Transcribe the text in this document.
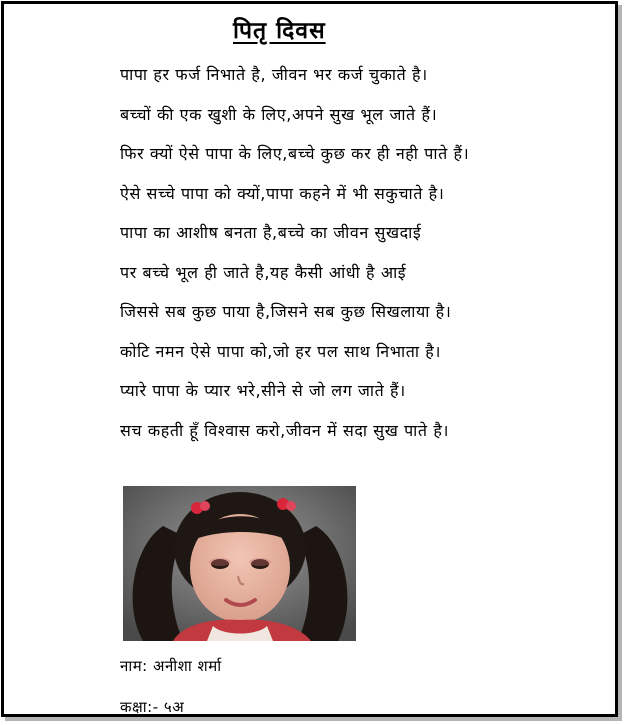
पितृ दिवस
पापा हर फर्ज निभाते है, जीवन भर कर्ज चुकाते है।
बच्चों की एक खुशी के लिए,अपने सुख भूल जाते हैं।
फिर क्यों ऐसे पापा के लिए,बच्चे कुछ कर ही नही पाते हैं।
ऐसे सच्चे पापा को क्यों,पापा कहने में भी सकुचाते है।
पापा का आशीष बनता है,बच्चे का जीवन सुखदाई
पर बच्चे भूल ही जाते है,यह कैसी आंधी है आई
जिससे सब कुछ पाया है,जिसने सब कुछ सिखलाया है।
कोटि नमन ऐसे पापा को,जो हर पल साथ निभाता है।
प्यारे पापा के प्यार भरे,सीने से जो लग जाते हैं।
सच कहती हूँ विश्वास करो,जीवन में सदा सुख पाते है।
नाम: अनीशा शर्मा
कक्षा:- ५अ
